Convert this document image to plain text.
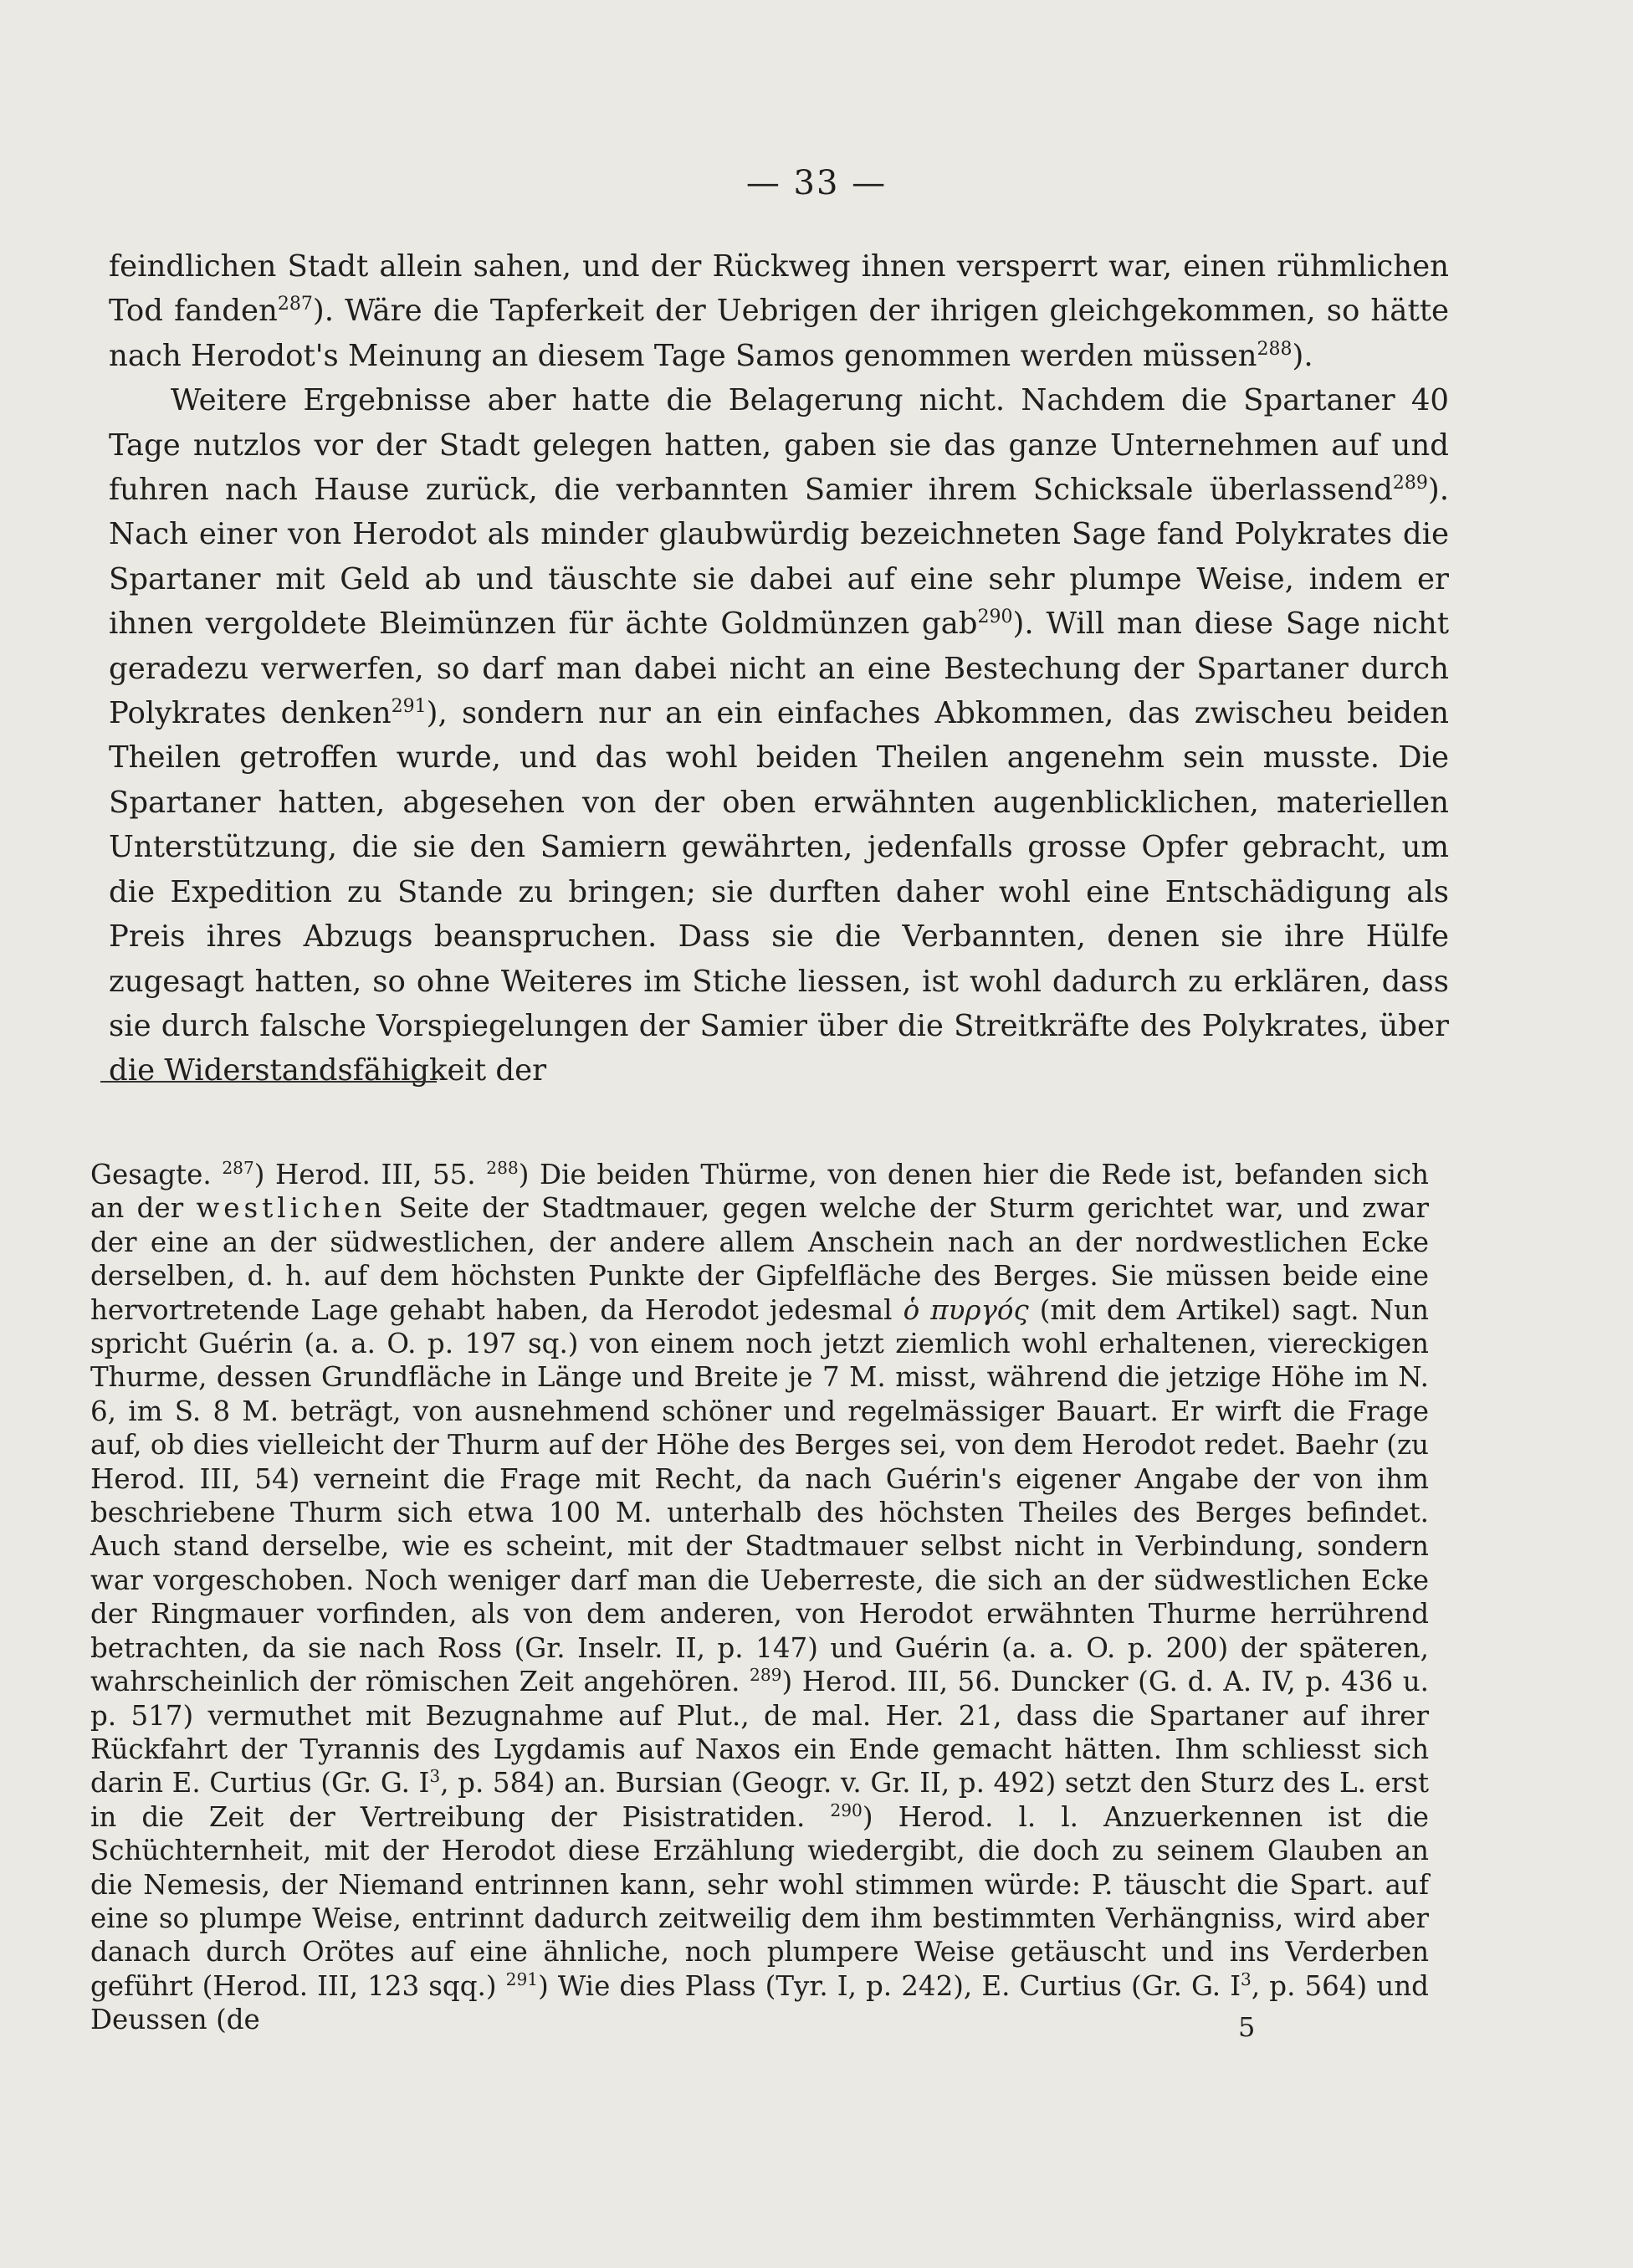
— 33 —

feindlichen Stadt allein sahen, und der Rückweg ihnen versperrt war, einen rühmlichen Tod fanden$^{287}$). Wäre die Tapferkeit der Uebrigen der ihrigen gleichgekommen, so hätte nach Herodot's Meinung an diesem Tage Samos genommen werden müssen$^{288}$).

Weitere Ergebnisse aber hatte die Belagerung nicht. Nachdem die Spartaner 40 Tage nutzlos vor der Stadt gelegen hatten, gaben sie das ganze Unternehmen auf und fuhren nach Hause zurück, die verbannten Samier ihrem Schicksale überlassend$^{289}$). Nach einer von Herodot als minder glaubwürdig bezeichneten Sage fand Polykrates die Spartaner mit Geld ab und täuschte sie dabei auf eine sehr plumpe Weise, indem er ihnen vergoldete Bleimünzen für ächte Goldmünzen gab$^{290}$). Will man diese Sage nicht geradezu verwerfen, so darf man dabei nicht an eine Bestechung der Spartaner durch Polykrates denken$^{291}$), sondern nur an ein einfaches Abkommen, das zwischeu beiden Theilen getroffen wurde, und das wohl beiden Theilen angenehm sein musste. Die Spartaner hatten, abgesehen von der oben erwähnten augenblicklichen, materiellen Unterstützung, die sie den Samiern gewährten, jedenfalls grosse Opfer gebracht, um die Expedition zu Stande zu bringen; sie durften daher wohl eine Entschädigung als Preis ihres Abzugs beanspruchen. Dass sie die Verbannten, denen sie ihre Hülfe zugesagt hatten, so ohne Weiteres im Stiche liessen, ist wohl dadurch zu erklären, dass sie durch falsche Vorspiegelungen der Samier über die Streitkräfte des Polykrates, über die Widerstandsfähigkeit der

Gesagte. $^{287}$) Herod. III, 55. $^{288}$) Die beiden Thürme, von denen hier die Rede ist, befanden sich an der westlichen Seite der Stadtmauer, gegen welche der Sturm gerichtet war, und zwar der eine an der südwestlichen, der andere allem Anschein nach an der nordwestlichen Ecke derselben, d. h. auf dem höchsten Punkte der Gipfelfläche des Berges. Sie müssen beide eine hervortretende Lage gehabt haben, da Herodot jedesmal ὁ πυργός (mit dem Artikel) sagt. Nun spricht Guérin (a. a. O. p. 197 sq.) von einem noch jetzt ziemlich wohl erhaltenen, viereckigen Thurme, dessen Grundfläche in Länge und Breite je 7 M. misst, während die jetzige Höhe im N. 6, im S. 8 M. beträgt, von ausnehmend schöner und regelmässiger Bauart. Er wirft die Frage auf, ob dies vielleicht der Thurm auf der Höhe des Berges sei, von dem Herodot redet. Baehr (zu Herod. III, 54) verneint die Frage mit Recht, da nach Guérin's eigener Angabe der von ihm beschriebene Thurm sich etwa 100 M. unterhalb des höchsten Theiles des Berges befindet. Auch stand derselbe, wie es scheint, mit der Stadtmauer selbst nicht in Verbindung, sondern war vorgeschoben. Noch weniger darf man die Ueberreste, die sich an der südwestlichen Ecke der Ringmauer vorfinden, als von dem anderen, von Herodot erwähnten Thurme herrührend betrachten, da sie nach Ross (Gr. Inselr. II, p. 147) und Guérin (a. a. O. p. 200) der späteren, wahrscheinlich der römischen Zeit angehören. $^{289}$) Herod. III, 56. Duncker (G. d. A. IV, p. 436 u. p. 517) vermuthet mit Bezugnahme auf Plut., de mal. Her. 21, dass die Spartaner auf ihrer Rückfahrt der Tyrannis des Lygdamis auf Naxos ein Ende gemacht hätten. Ihm schliesst sich darin E. Curtius (Gr. G. $I^3$, p. 584) an. Bursian (Geogr. v. Gr. II, p. 492) setzt den Sturz des L. erst in die Zeit der Vertreibung der Pisistratiden. $^{290}$) Herod. l. l. Anzuerkennen ist die Schüchternheit, mit der Herodot diese Erzählung wiedergibt, die doch zu seinem Glauben an die Nemesis, der Niemand entrinnen kann, sehr wohl stimmen würde: P. täuscht die Spart. auf eine so plumpe Weise, entrinnt dadurch zeitweilig dem ihm bestimmten Verhängniss, wird aber danach durch Orötes auf eine ähnliche, noch plumpere Weise getäuscht und ins Verderben geführt (Herod. III, 123 sqq.) $^{291}$) Wie dies Plass (Tyr. I, p. 242), E. Curtius (Gr. G. $I^3$, p. 564) und Deussen (de	5
